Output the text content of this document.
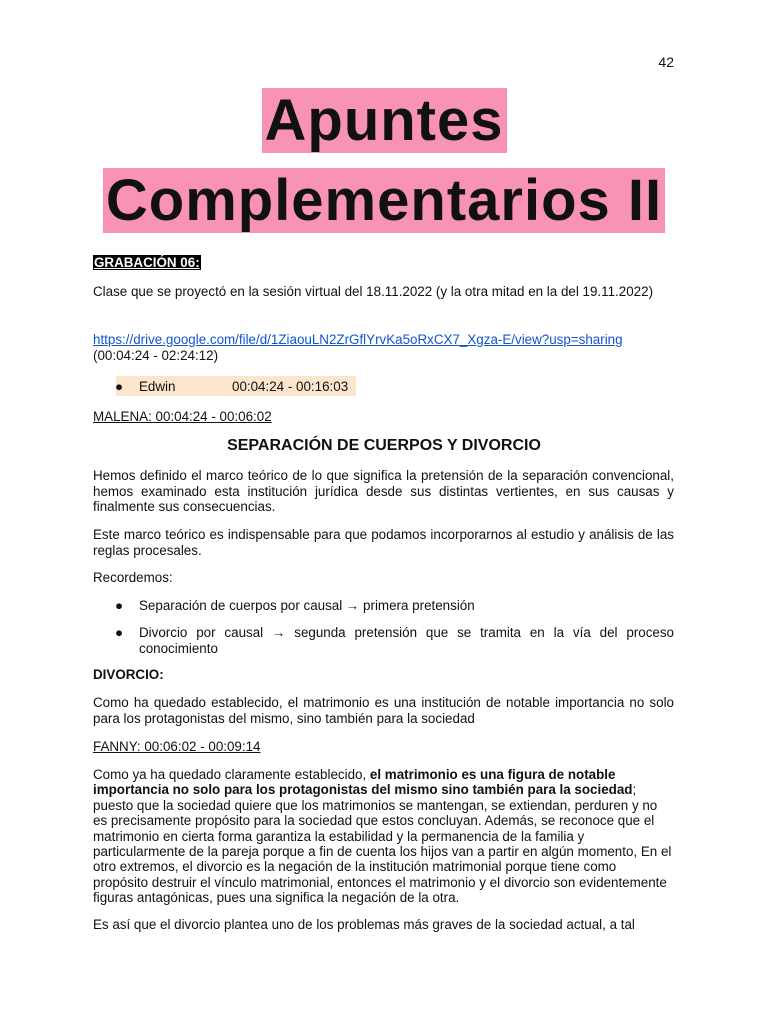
42
Apuntes
Complementarios II
GRABACIÓN 06:

Clase que se proyectó en la sesión virtual del 18.11.2022 (y la otra mitad en la del 19.11.2022)

https://drive.google.com/file/d/1ZiaouLN2ZrGflYrvKa5oRxCX7_Xgza-E/view?usp=sharing

(00:04:24 - 02:24:12)

● Edwin	00:04:24 - 00:16:03
MALENA: 00:04:24 - 00:06:02
SEPARACIÓN DE CUERPOS Y DIVORCIO

Hemos definido el marco teórico de lo que significa la pretensión de la separación convencional, hemos examinado esta institución jurídica desde sus distintas vertientes, en sus causas y finalmente sus consecuencias.

Este marco teórico es indispensable para que podamos incorporarnos al estudio y análisis de las reglas procesales.

Recordemos:

● Separación de cuerpos por causal → primera pretensión
● Divorcio por causal → segunda pretensión que se tramita en la vía del proceso conocimiento
DIVORCIO:

Como ha quedado establecido, el matrimonio es una institución de notable importancia no solo para los protagonistas del mismo, sino también para la sociedad

FANNY: 00:06:02 - 00:09:14

Como ya ha quedado claramente establecido, el matrimonio es una figura de notable importancia no solo para los protagonistas del mismo sino también para la sociedad; puesto que la sociedad quiere que los matrimonios se mantengan, se extiendan, perduren y no es precisamente propósito para la sociedad que estos concluyan. Además, se reconoce que el matrimonio en cierta forma garantiza la estabilidad y la permanencia de la familia y particularmente de la pareja porque a fin de cuenta los hijos van a partir en algún momento, En el otro extremos, el divorcio es la negación de la institución matrimonial porque tiene como propósito destruir el vínculo matrimonial, entonces el matrimonio y el divorcio son evidentemente figuras antagónicas, pues una significa la negación de la otra.

Es así que el divorcio plantea uno de los problemas más graves de la sociedad actual, a tal
